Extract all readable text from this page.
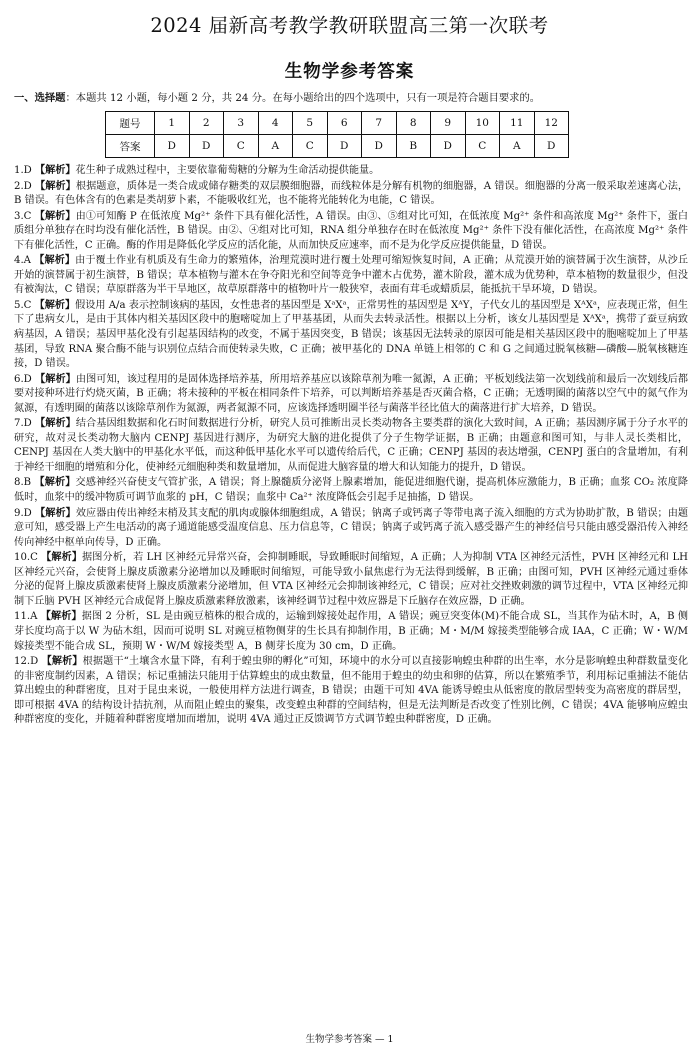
2024 届新高考教学教研联盟高三第一次联考
生物学参考答案
一、选择题：本题共 12 小题，每小题 2 分，共 24 分。在每小题给出的四个选项中，只有一项是符合题目要求的。
题号	1	2	3	4	5	6	7	8	9	10	11	12
答案	D	D	C	A	C	D	D	B	D	C	A	D

1.D 【解析】花生种子成熟过程中，主要依靠葡萄糖的分解为生命活动提供能量。

2.D 【解析】根据题意，质体是一类合成或储存糖类的双层膜细胞器，而线粒体是分解有机物的细胞器，A 错误。细胞器的分离一般采取差速离心法，B 错误。有色体含有的色素是类胡萝卜素，不能吸收红光，也不能将光能转化为电能，C 错误。

3.C 【解析】由①可知酶 P 在低浓度 Mg²⁺ 条件下具有催化活性，A 错误。由③、⑤组对比可知，在低浓度 Mg²⁺ 条件和高浓度 Mg²⁺ 条件下，蛋白质组分单独存在时均没有催化活性，B 错误。由②、④组对比可知，RNA 组分单独存在时在低浓度 Mg²⁺ 条件下没有催化活性，在高浓度 Mg²⁺ 条件下有催化活性，C 正确。酶的作用是降低化学反应的活化能，从而加快反应速率，而不是为化学反应提供能量，D 错误。

4.A 【解析】由于覆土作业有机质及有生命力的繁殖体，治理荒漠时进行覆土处理可缩短恢复时间，A 正确；从荒漠开始的演替属于次生演替，从沙丘开始的演替属于初生演替，B 错误；草本植物与灌木在争夺阳光和空间等竞争中灌木占优势，灌木阶段，灌木成为优势种，草本植物的数量很少，但没有被淘汰，C 错误；草原群落为半干旱地区，故草原群落中的植物叶片一般狭窄，表面有茸毛或蜡质层，能抵抗干旱环境，D 错误。

5.C 【解析】假设用 A/a 表示控制该病的基因，女性患者的基因型是 XᵃXᵃ，正常男性的基因型是 XᴬY，子代女儿的基因型是 XᴬXᵃ，应表现正常，但生下了患病女儿，是由于其体内相关基因区段中的胞嘧啶加上了甲基基团，从而失去转录活性。根据以上分析，该女儿基因型是 XᴬXᵃ，携带了蚕豆病致病基因，A 错误；基因甲基化没有引起基因结构的改变，不属于基因突变，B 错误；该基因无法转录的原因可能是相关基因区段中的胞嘧啶加上了甲基基团，导致 RNA 聚合酶不能与识别位点结合而使转录失败，C 正确；被甲基化的 DNA 单链上相邻的 C 和 G 之间通过脱氧核糖—磷酸—脱氧核糖连接，D 错误。

6.D 【解析】由图可知，该过程用的是固体选择培养基，所用培养基应以该除草剂为唯一氮源，A 正确；平板划线法第一次划线前和最后一次划线后都要对接种环进行灼烧灭菌，B 正确；将未接种的平板在相同条件下培养，可以判断培养基是否灭菌合格，C 正确；无透明圈的菌落以空气中的氮气作为氮源，有透明圈的菌落以该除草剂作为氮源，两者氮源不同，应该选择透明圈半径与菌落半径比值大的菌落进行扩大培养，D 错误。

7.D 【解析】结合基因组数据和化石时间数据进行分析，研究人员可推断出灵长类动物各主要类群的演化大致时间，A 正确；基因测序属于分子水平的研究，故对灵长类动物大脑内 CENPJ 基因进行测序，为研究大脑的进化提供了分子生物学证据，B 正确；由题意和图可知，与非人灵长类相比，CENPJ 基因在人类大脑中的甲基化水平低，而这种低甲基化水平可以遗传给后代，C 正确；CENPJ 基因的表达增强，CENPJ 蛋白的含量增加，有利于神经干细胞的增殖和分化，使神经元细胞种类和数量增加，从而促进大脑容量的增大和认知能力的提升，D 错误。

8.B 【解析】交感神经兴奋使支气管扩张，A 错误；肾上腺髓质分泌肾上腺素增加，能促进细胞代谢，提高机体应激能力，B 正确；血浆 CO₂ 浓度降低时，血浆中的缓冲物质可调节血浆的 pH，C 错误；血浆中 Ca²⁺ 浓度降低会引起手足抽搐，D 错误。

9.D 【解析】效应器由传出神经末梢及其支配的肌肉或腺体细胞组成，A 错误；钠离子或钙离子等带电离子流入细胞的方式为协助扩散，B 错误；由题意可知，感受器上产生电活动的离子通道能感受温度信息、压力信息等，C 错误；钠离子或钙离子流入感受器产生的神经信号只能由感受器沿传入神经传向神经中枢单向传导，D 正确。

10.C 【解析】据图分析，若 LH 区神经元异常兴奋，会抑制睡眠，导致睡眠时间缩短，A 正确；人为抑制 VTA 区神经元活性，PVH 区神经元和 LH 区神经元兴奋，会使肾上腺皮质激素分泌增加以及睡眠时间缩短，可能导致小鼠焦虑行为无法得到缓解，B 正确；由图可知，PVH 区神经元通过垂体分泌的促肾上腺皮质激素使肾上腺皮质激素分泌增加，但 VTA 区神经元会抑制该神经元，C 错误；应对社交挫败刺激的调节过程中，VTA 区神经元抑制下丘脑 PVH 区神经元合成促肾上腺皮质激素释放激素，该神经调节过程中效应器是下丘脑存在效应器，D 正确。

11.A 【解析】据图 2 分析，SL 是由豌豆植株的根合成的，运输到嫁接处起作用，A 错误；豌豆突变体(M)不能合成 SL，当其作为砧木时，A，B 侧芽长度均高于以 W 为砧木组，因而可说明 SL 对豌豆植物侧芽的生长具有抑制作用，B 正确；M・M/M 嫁接类型能够合成 IAA，C 正确；W・W/M 嫁接类型不能合成 SL，预期 W・W/M 嫁接类型 A，B 侧芽长度为 30 cm，D 正确。

12.D 【解析】根据题干“土壤含水量下降，有利于蝗虫卵的孵化”可知，环境中的水分可以直接影响蝗虫种群的出生率，水分是影响蝗虫种群数量变化的非密度制约因素，A 错误；标记重捕法只能用于估算蝗虫的成虫数量，但不能用于蝗虫的幼虫和卵的估算，所以在繁殖季节，利用标记重捕法不能估算出蝗虫的种群密度，且对于昆虫来说，一般使用样方法进行调查，B 错误；由题干可知 4VA 能诱导蝗虫从低密度的散居型转变为高密度的群居型，即可根据 4VA 的结构设计拮抗剂，从而阻止蝗虫的聚集，改变蝗虫种群的空间结构，但是无法判断是否改变了性别比例，C 错误；4VA 能够响应蝗虫种群密度的变化，并随着种群密度增加而增加，说明 4VA 通过正反馈调节方式调节蝗虫种群密度，D 正确。

生物学参考答案 — 1
